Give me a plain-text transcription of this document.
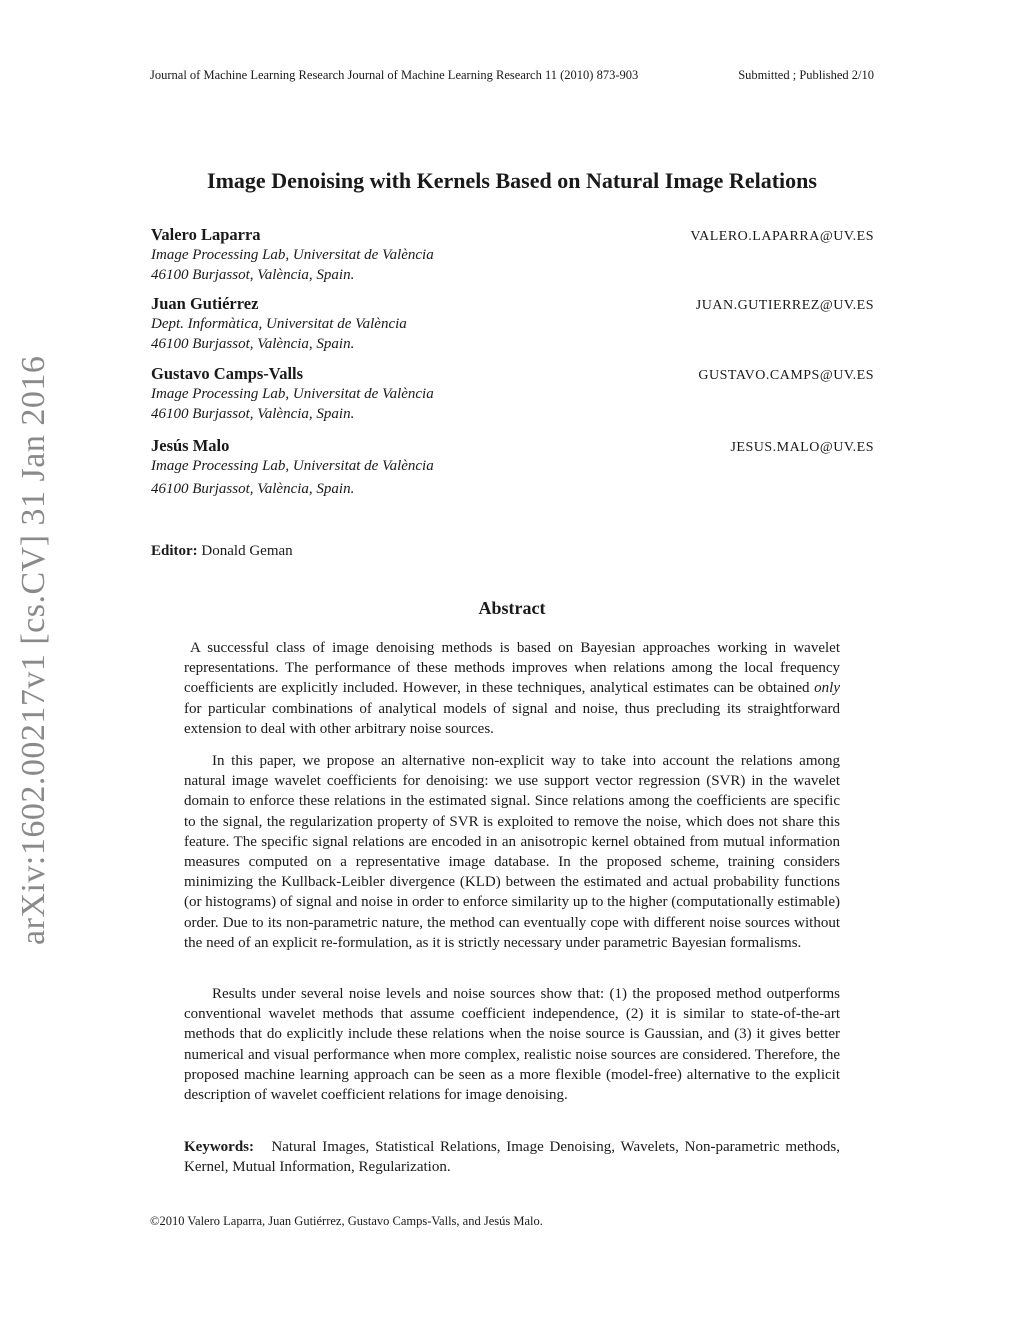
Journal of Machine Learning Research Journal of Machine Learning Research 11 (2010) 873-903	Submitted ; Published 2/10
Image Denoising with Kernels Based on Natural Image Relations
Valero Laparra	VALERO.LAPARRA@UV.ES
Image Processing Lab, Universitat de València
46100 Burjassot, València, Spain.
Juan Gutiérrez	JUAN.GUTIERREZ@UV.ES
Dept. Informàtica, Universitat de València
46100 Burjassot, València, Spain.
Gustavo Camps-Valls	GUSTAVO.CAMPS@UV.ES
Image Processing Lab, Universitat de València
46100 Burjassot, València, Spain.
Jesús Malo	JESUS.MALO@UV.ES
Image Processing Lab, Universitat de València
46100 Burjassot, València, Spain.
Editor: Donald Geman
Abstract

A successful class of image denoising methods is based on Bayesian approaches working in wavelet representations. The performance of these methods improves when relations among the local frequency coefficients are explicitly included. However, in these techniques, analytical estimates can be obtained only for particular combinations of analytical models of signal and noise, thus precluding its straightforward extension to deal with other arbitrary noise sources.

In this paper, we propose an alternative non-explicit way to take into account the relations among natural image wavelet coefficients for denoising: we use support vector regression (SVR) in the wavelet domain to enforce these relations in the estimated signal. Since relations among the coefficients are specific to the signal, the regularization property of SVR is exploited to remove the noise, which does not share this feature. The specific signal relations are encoded in an anisotropic kernel obtained from mutual information measures computed on a representative image database. In the proposed scheme, training considers minimizing the Kullback-Leibler divergence (KLD) between the estimated and actual probability functions (or histograms) of signal and noise in order to enforce similarity up to the higher (computationally estimable) order. Due to its non-parametric nature, the method can eventually cope with different noise sources without the need of an explicit re-formulation, as it is strictly necessary under parametric Bayesian formalisms.

Results under several noise levels and noise sources show that: (1) the proposed method outperforms conventional wavelet methods that assume coefficient independence, (2) it is similar to state-of-the-art methods that do explicitly include these relations when the noise source is Gaussian, and (3) it gives better numerical and visual performance when more complex, realistic noise sources are considered. Therefore, the proposed machine learning approach can be seen as a more flexible (model-free) alternative to the explicit description of wavelet coefficient relations for image denoising.

Keywords: Natural Images, Statistical Relations, Image Denoising, Wavelets, Non-parametric methods, Kernel, Mutual Information, Regularization.

©2010 Valero Laparra, Juan Gutiérrez, Gustavo Camps-Valls, and Jesús Malo.
arXiv:1602.00217v1 [cs.CV] 31 Jan 2016
